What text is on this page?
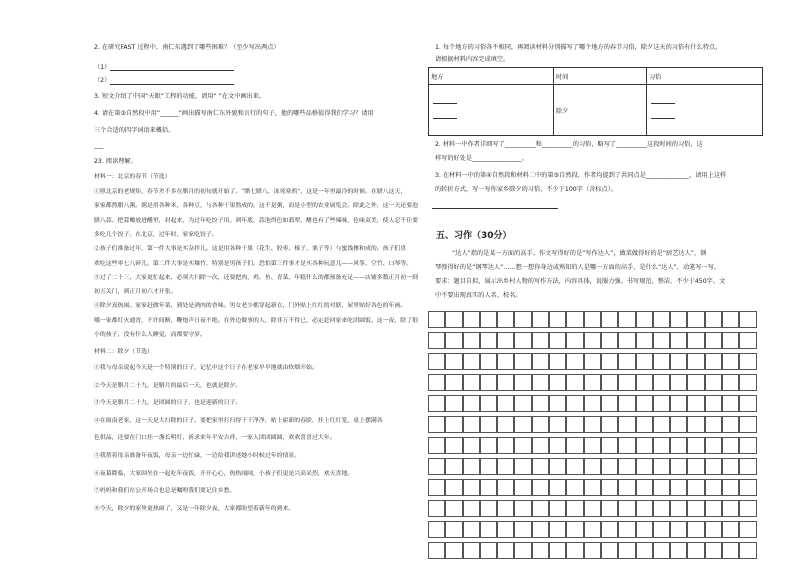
2. 在研究FAST 过程中，南仁东遇到了哪些困难？（至少写出两点）
（1）
（2）
3. 短文介绍了中国“天眼”工程的功能，请用“ ”在文中画出来。
4. 请在第③自然段中用“______”画出描写南仁东外貌和言行的句子，他的哪些品格值得我们学习？请用
三个合适的四字词语来概括。
___
23. 阅读理解。
材料一：北京的春节（节选）
①照北京的老规矩，春节差不多在腊月的初旬就开始了。“腊七腊八，冻死寒鸦”，这是一年里最冷的时候。在腊八这天，
家家都熬腊八粥。粥是用各种米，各种豆，与各种干果熬成的。这不是粥，而是小型的农业展览会。除此之外，这一天还要泡
腊八蒜。把蒜瓣放进醋里，封起来，为过年吃饺子用。到年底，蒜泡得色如翡翠，醋也有了些辣味，色味双美，使人忍不住要
多吃几个饺子。在北京，过年时，家家吃饺子。
②孩子们准备过年，第一件大事是买杂拌儿。这是用各种干果（花生、胶枣、榛子、栗子等）与蜜饯掺和成的。孩子们喜
欢吃这些零七八碎儿。第二件大事是买爆竹，特别是男孩子们。恐怕第三件事才是买各种玩意儿——风筝、空竹、口琴等。
③过了二十三，大家更忙起来，必须大扫除一次，还要把肉、鸡、鱼、青菜、年糕什么的都预备充足——店铺多数正月初一到
初五关门，到正月初六才开张。
④除夕真热闹。家家赶做年菜，到处是酒肉的香味。男女老少都穿起新衣，门外贴上红红的对联，屋里贴好各色的年画。
哪一家都灯火通宵，不许间断，鞭炮声日夜不绝。在外边做事的人，除非万不得已，必定赶回家来吃团圆饭。这一夜，除了很
小的孩子，没有什么人睡觉，而都要守岁。
材料二：除夕（节选）
①我与母亲说起今天是一个特别的日子，记忆中这个日子在老家早早地就由炊烟开始。
②今天是腊月二十九，是腊月的最后一天，也就是除夕。
③今天是腊月二十九，是团圆的日子，也是迎新的日子。
④在闽南老家，这一天是大扫除的日子。要把家里打扫得干干净净，贴上崭新的春联，挂上红灯笼，桌上摆满各
色供品，还要在门口挂一盏长明灯，祈求来年平安吉祥，一家人团团圆圆，欢欢喜喜过大年。
⑤我帮着母亲准备年夜饭，母亲一边忙碌，一边给我讲述她小时候过年的情景。
⑥夜幕降临，大家围坐在一起吃年夜饭，开开心心，热热闹闹，小孩子们更是兴高采烈，欢天喜地。
⑦妈妈和我们在公开场合也总是嘱咐我们要记住乡愁。
⑧今天，除夕的家里更热闹了，又是一年除夕夜，大家都盼望着新年的到来。
1. 每个地方的习俗各不相同，再阅读材料分别描写了哪个地方的春节习俗，除夕这天的习俗有什么特点，
请根据材料内容完成填空。
地方	时间	习俗

	除夕	
2. 材料一中作者详细写了__________和__________的习俗，略写了__________这段时间的习俗，这
样写的好处是________________。
3. 在材料一中的第④自然段和材料二中的第⑤自然段，作者均提到了共同点是______________，请用上这样
的转折方式，写一写你家乡除夕的习俗，不少于100字（含标点）。
五、习作（30分）
“达人”指的是某一方面的高手。作文写得好的是“写作达人”，做菜做得好的是“厨艺达人”，钢
琴弹得好的是“钢琴达人”……想一想你身边或熟知的人是哪一方面的高手，是什么“达人”，动笔写一写。
要求：题目自拟，展示出乡村人物的写作方法，内容具体，说服力强。书写规范、整洁，不少于450字。文
中不要出现真实的人名、校名。
